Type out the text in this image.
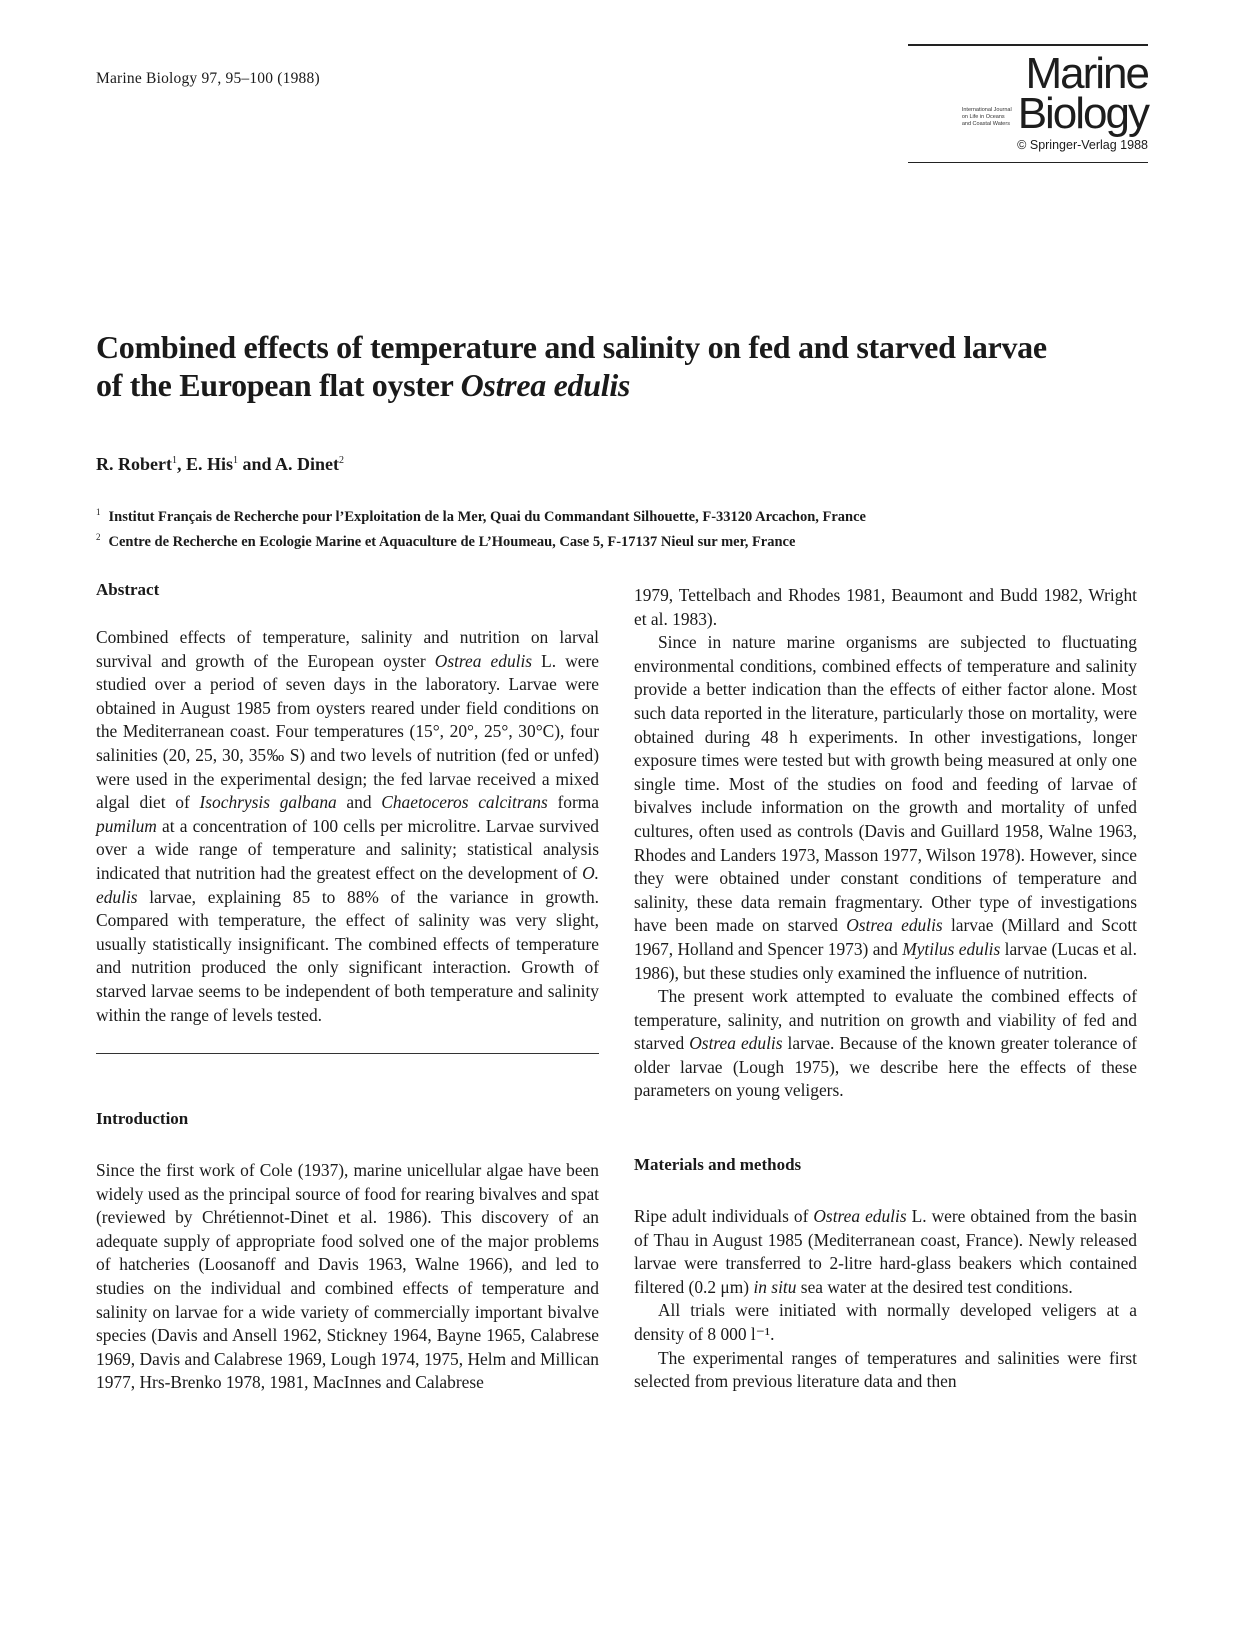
Marine Biology 97, 95–100 (1988)	Marine
International Journal
on Life in Oceans
and Coastal Waters Biology
© Springer-Verlag 1988
Combined effects of temperature and salinity on fed and starved larvae
of the European flat oyster Ostrea edulis
R. Robert$^1$, E. His$^1$ and A. Dinet$^2$
$^1$ Institut Français de Recherche pour l’Exploitation de la Mer, Quai du Commandant Silhouette, F-33120 Arcachon, France
$^2$ Centre de Recherche en Ecologie Marine et Aquaculture de L’Houmeau, Case 5, F-17137 Nieul sur mer, France
Abstract

Combined effects of temperature, salinity and nutrition on larval survival and growth of the European oyster Ostrea edulis L. were studied over a period of seven days in the laboratory. Larvae were obtained in August 1985 from oysters reared under field conditions on the Mediterranean coast. Four temperatures (15°, 20°, 25°, 30°C), four salinities (20, 25, 30, 35‰ S) and two levels of nutrition (fed or unfed) were used in the experimental design; the fed larvae received a mixed algal diet of Isochrysis galbana and Chaetoceros calcitrans forma pumilum at a concentration of 100 cells per microlitre. Larvae survived over a wide range of temperature and salinity; statistical analysis indicated that nutrition had the greatest effect on the development of O. edulis larvae, explaining 85 to 88% of the variance in growth. Compared with temperature, the effect of salinity was very slight, usually statistically insignificant. The combined effects of temperature and nutrition produced the only significant interaction. Growth of starved larvae seems to be independent of both temperature and salinity within the range of levels tested.

Introduction

Since the first work of Cole (1937), marine unicellular algae have been widely used as the principal source of food for rearing bivalves and spat (reviewed by Chrétiennot-Dinet et al. 1986). This discovery of an adequate supply of appropriate food solved one of the major problems of hatcheries (Loosanoff and Davis 1963, Walne 1966), and led to studies on the individual and combined effects of temperature and salinity on larvae for a wide variety of commercially important bivalve species (Davis and Ansell 1962, Stickney 1964, Bayne 1965, Calabrese 1969, Davis and Calabrese 1969, Lough 1974, 1975, Helm and Millican 1977, Hrs-Brenko 1978, 1981, MacInnes and Calabrese

1979, Tettelbach and Rhodes 1981, Beaumont and Budd 1982, Wright et al. 1983).

Since in nature marine organisms are subjected to fluctuating environmental conditions, combined effects of temperature and salinity provide a better indication than the effects of either factor alone. Most such data reported in the literature, particularly those on mortality, were obtained during 48 h experiments. In other investigations, longer exposure times were tested but with growth being measured at only one single time. Most of the studies on food and feeding of larvae of bivalves include information on the growth and mortality of unfed cultures, often used as controls (Davis and Guillard 1958, Walne 1963, Rhodes and Landers 1973, Masson 1977, Wilson 1978). However, since they were obtained under constant conditions of temperature and salinity, these data remain fragmentary. Other type of investigations have been made on starved Ostrea edulis larvae (Millard and Scott 1967, Holland and Spencer 1973) and Mytilus edulis larvae (Lucas et al. 1986), but these studies only examined the influence of nutrition.

The present work attempted to evaluate the combined effects of temperature, salinity, and nutrition on growth and viability of fed and starved Ostrea edulis larvae. Because of the known greater tolerance of older larvae (Lough 1975), we describe here the effects of these parameters on young veligers.

Materials and methods

Ripe adult individuals of Ostrea edulis L. were obtained from the basin of Thau in August 1985 (Mediterranean coast, France). Newly released larvae were transferred to 2-litre hard-glass beakers which contained filtered (0.2 μm) in situ sea water at the desired test conditions.

All trials were initiated with normally developed veligers at a density of 8 000 l⁻¹.

The experimental ranges of temperatures and salinities were first selected from previous literature data and then
